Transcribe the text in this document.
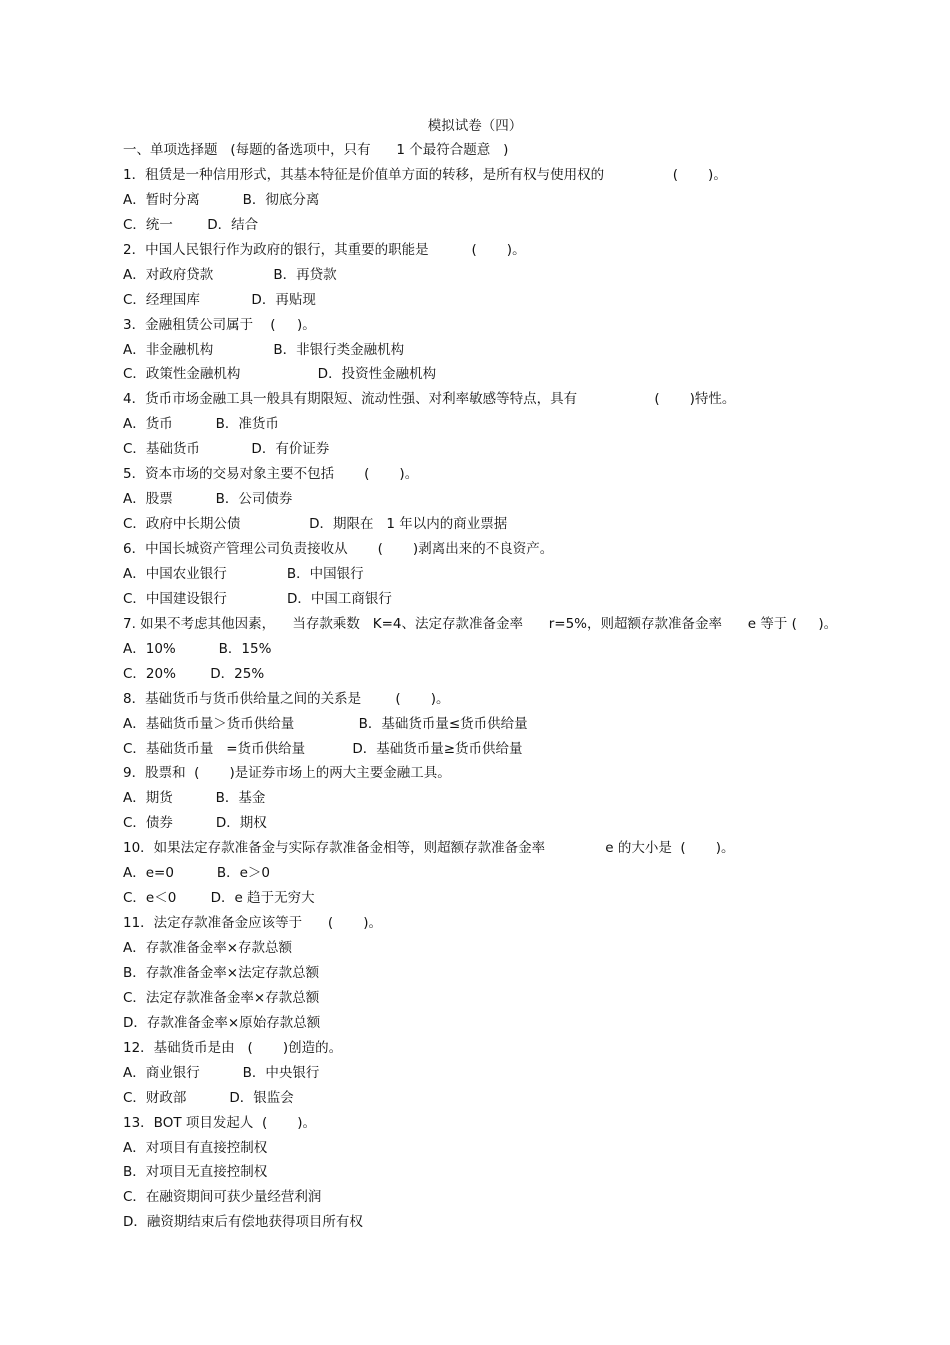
模拟试卷（四）
一、单项选择题   (每题的备选项中，只有      1 个最符合题意   )
1．租赁是一种信用形式，其基本特征是价值单方面的转移，是所有权与使用权的                (       )。
A．暂时分离          B．彻底分离
C．统一        D．结合
2．中国人民银行作为政府的银行，其重要的职能是          (       )。
A．对政府贷款              B．再贷款
C．经理国库            D．再贴现
3．金融租赁公司属于    (     )。
A．非金融机构              B．非银行类金融机构
C．政策性金融机构                  D．投资性金融机构
4．货币市场金融工具一般具有期限短、流动性强、对利率敏感等特点，具有                  (       )特性。
A．货币          B．准货币
C．基础货币            D．有价证券
5．资本市场的交易对象主要不包括       (       )。
A．股票          B．公司债券
C．政府中长期公债                D．期限在   1 年以内的商业票据
6．中国长城资产管理公司负责接收从       (       )剥离出来的不良资产。
A．中国农业银行              B．中国银行
C．中国建设银行              D．中国工商银行
7. 如果不考虑其他因素，    当存款乘数   K=4、法定存款准备金率      r=5%，则超额存款准备金率      e 等于 (     )。
A．10%          B．15%
C．20%        D．25%
8．基础货币与货币供给量之间的关系是        (       )。
A．基础货币量＞货币供给量               B．基础货币量≤货币供给量
C．基础货币量   =货币供给量           D．基础货币量≥货币供给量
9．股票和  (       )是证券市场上的两大主要金融工具。
A．期货          B．基金
C．债券          D．期权
10．如果法定存款准备金与实际存款准备金相等，则超额存款准备金率              e 的大小是  (       )。
A．e=0          B．e＞0
C．e＜0        D．e 趋于无穷大
11．法定存款准备金应该等于      (       )。
A．存款准备金率×存款总额
B．存款准备金率×法定存款总额
C．法定存款准备金率×存款总额
D．存款准备金率×原始存款总额
12．基础货币是由   (       )创造的。
A．商业银行          B．中央银行
C．财政部          D．银监会
13．BOT 项目发起人  (       )。
A．对项目有直接控制权
B．对项目无直接控制权
C．在融资期间可获少量经营利润
D．融资期结束后有偿地获得项目所有权
